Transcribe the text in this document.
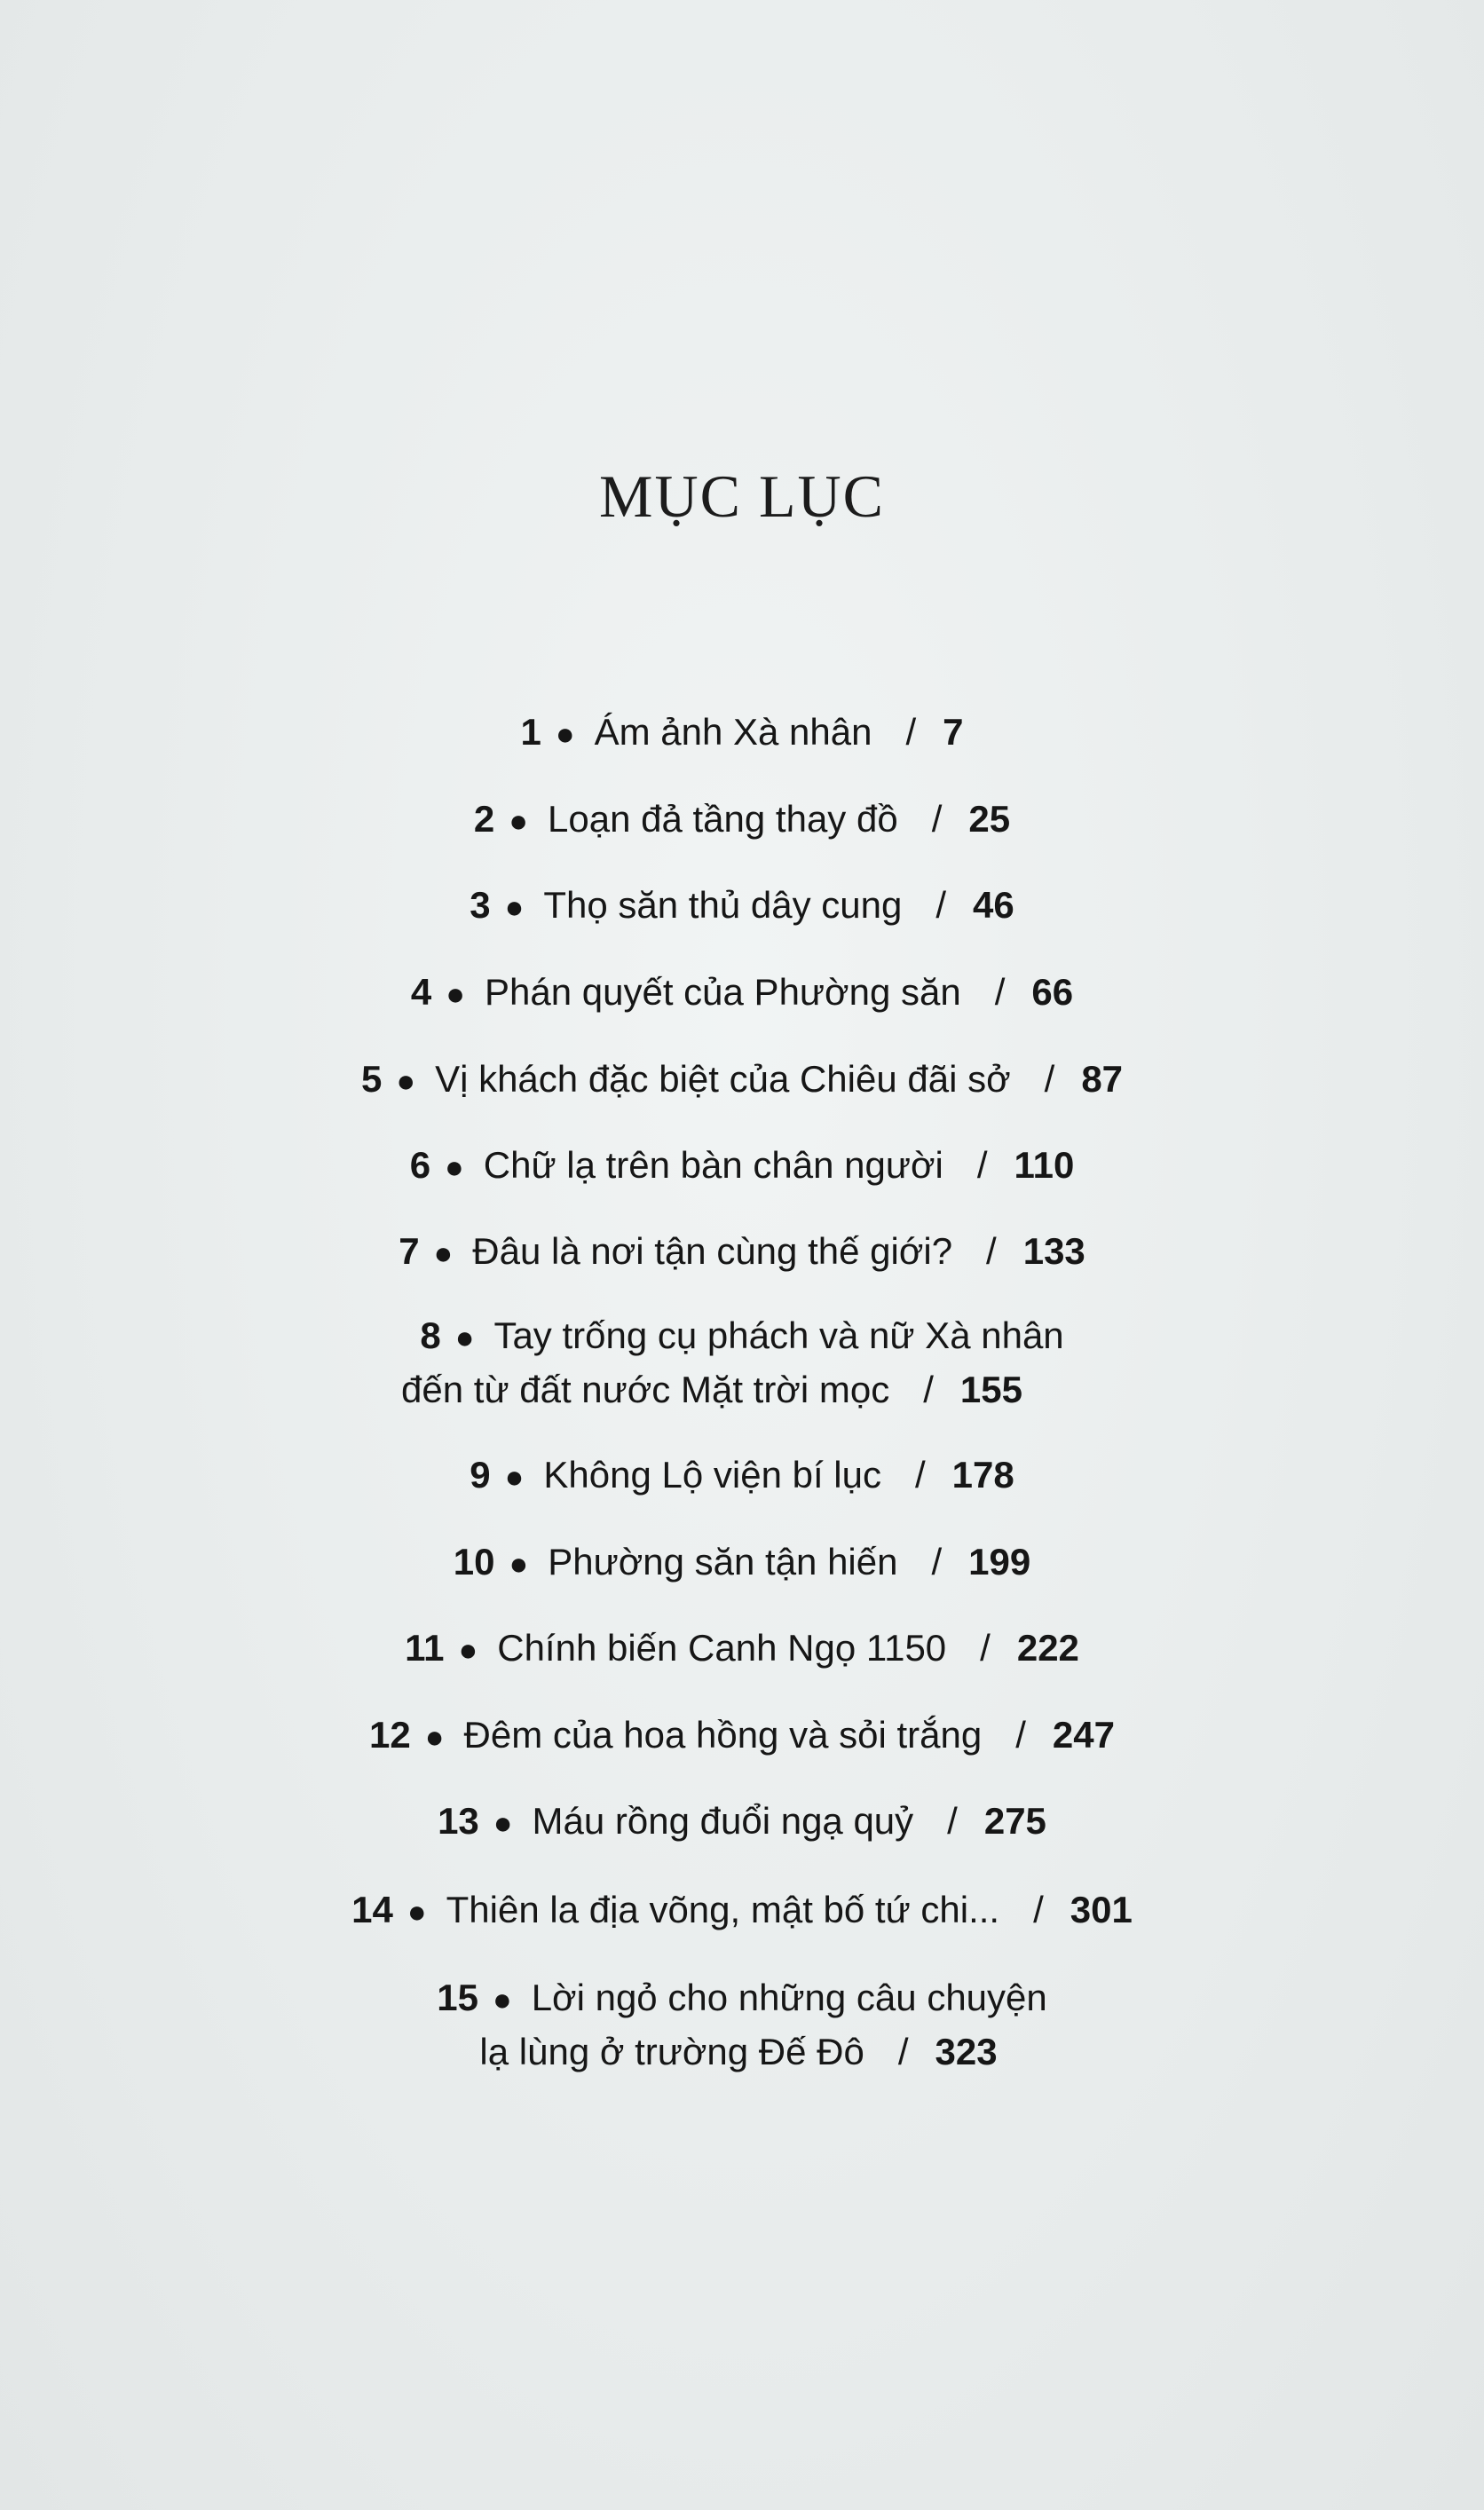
MỤC LỤC
1 ● Ám ảnh Xà nhân / 7
2 ● Loạn đả tầng thay đồ / 25
3 ● Thọ săn thủ dây cung / 46
4 ● Phán quyết của Phường săn / 66
5 ● Vị khách đặc biệt của Chiêu đãi sở / 87
6 ● Chữ lạ trên bàn chân người / 110
7 ● Đâu là nơi tận cùng thế giới? / 133
8 ● Tay trống cụ phách và nữ Xà nhân
đến từ đất nước Mặt trời mọc / 155
9 ● Không Lộ viện bí lục / 178
10 ● Phường săn tận hiến / 199
11 ● Chính biến Canh Ngọ 1150 / 222
12 ● Đêm của hoa hồng và sỏi trắng / 247
13 ● Máu rồng đuổi ngạ quỷ / 275
14 ● Thiên la địa võng, mật bố tứ chi... / 301
15 ● Lời ngỏ cho những câu chuyện
lạ lùng ở trường Đế Đô / 323
